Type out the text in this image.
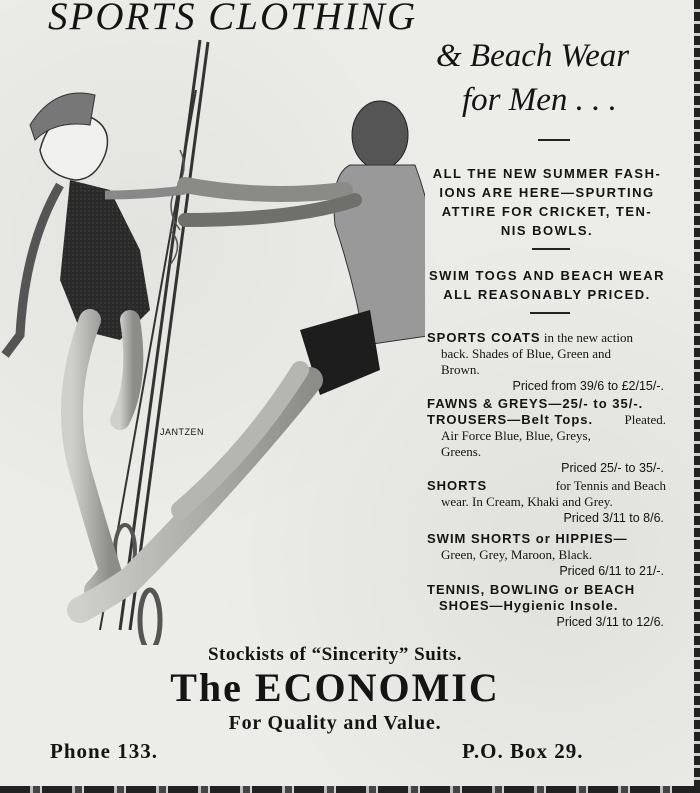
SPORTS CLOTHING
& Beach Wear
for Men . . .
JANTZEN
ALL THE NEW SUMMER FASH-
IONS ARE HERE—SPURTING
ATTIRE FOR CRICKET, TEN-
NIS BOWLS.
SWIM TOGS AND BEACH WEAR
ALL REASONABLY PRICED.
SPORTS COATS in the new action
back. Shades of Blue, Green and
Brown.
Priced from 39/6 to £2/15/-.
FAWNS & GREYS—25/- to 35/-.
TROUSERS—Belt Tops. Pleated.
Air Force Blue, Blue, Greys,
Greens.
Priced 25/- to 35/-.
SHORTS	for Tennis and Beach
wear. In Cream, Khaki and Grey.
Priced 3/11 to 8/6.
SWIM SHORTS or HIPPIES—
Green, Grey, Maroon, Black.
Priced 6/11 to 21/-.
TENNIS, BOWLING or BEACH
SHOES—Hygienic Insole.
Priced 3/11 to 12/6.
Stockists of “Sincerity” Suits.
The ECONOMIC
For Quality and Value.
Phone 133.	P.O. Box 29.
